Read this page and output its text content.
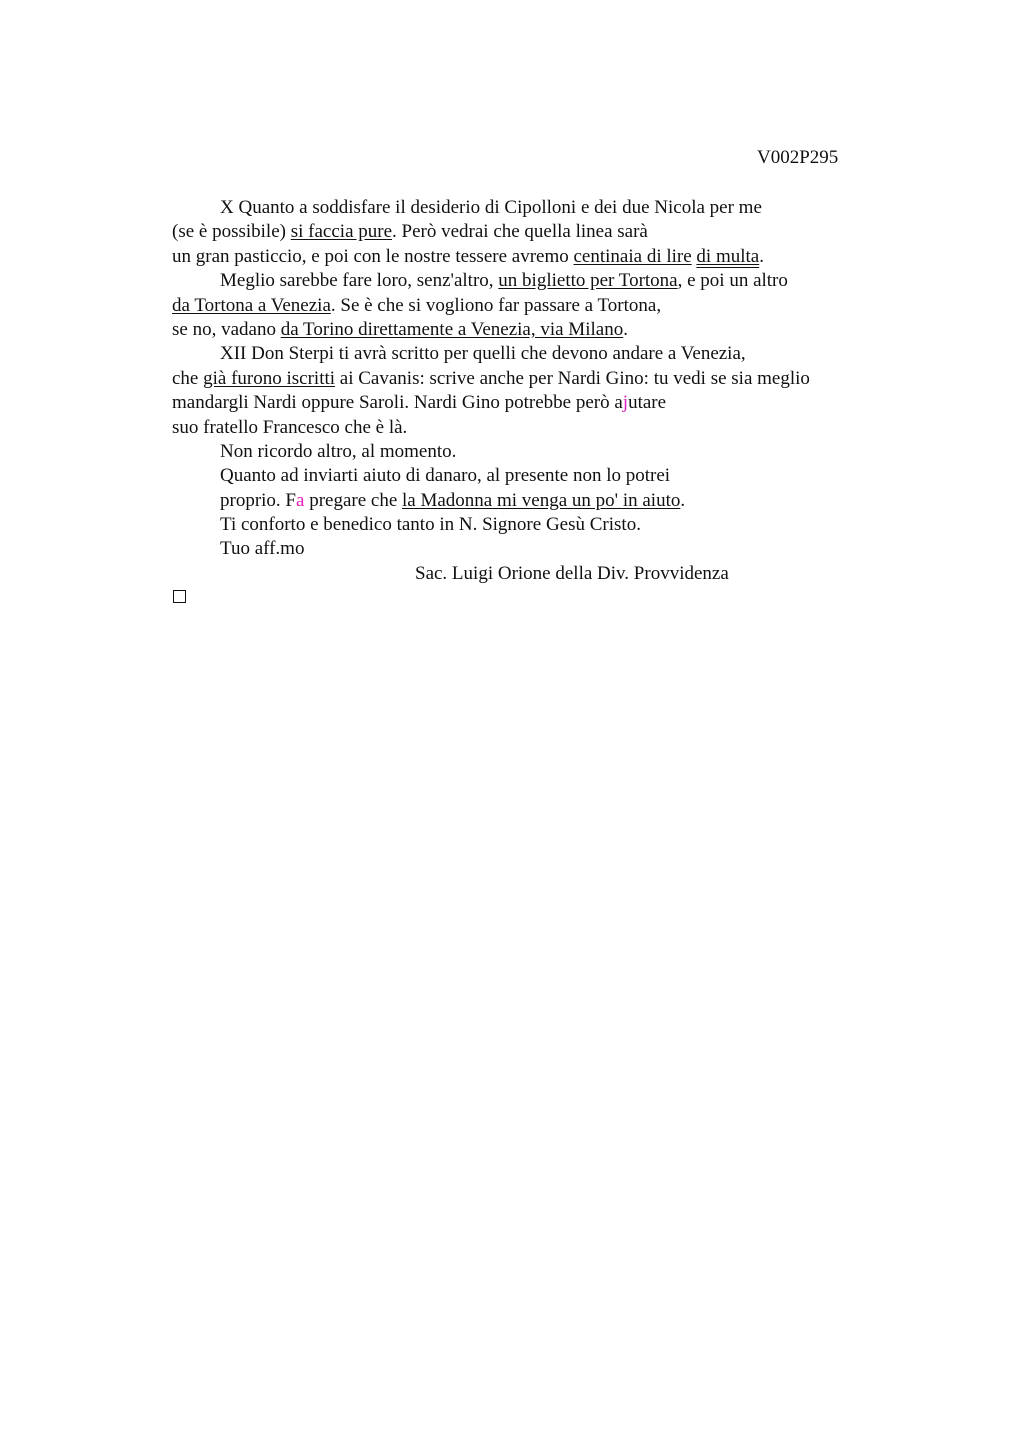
V002P295
X Quanto a soddisfare il desiderio di Cipolloni e dei due Nicola per me
(se è possibile) si faccia pure. Però vedrai che quella linea sarà
un gran pasticcio, e poi con le nostre tessere avremo centinaia di lire di multa.
Meglio sarebbe fare loro, senz'altro, un biglietto per Tortona, e poi un altro
da Tortona a Venezia. Se è che si vogliono far passare a Tortona,
se no, vadano da Torino direttamente a Venezia, via Milano.
XII Don Sterpi ti avrà scritto per quelli che devono andare a Venezia,
che già furono iscritti ai Cavanis: scrive anche per Nardi Gino: tu vedi se sia meglio
mandargli Nardi oppure Saroli. Nardi Gino potrebbe però ajutare
suo fratello Francesco che è là.
Non ricordo altro, al momento.
Quanto ad inviarti aiuto di danaro, al presente non lo potrei
proprio. Fa pregare che la Madonna mi venga un po' in aiuto.
Ti conforto e benedico tanto in N. Signore Gesù Cristo.
Tuo aff.mo
Sac. Luigi Orione della Div. Provvidenza
